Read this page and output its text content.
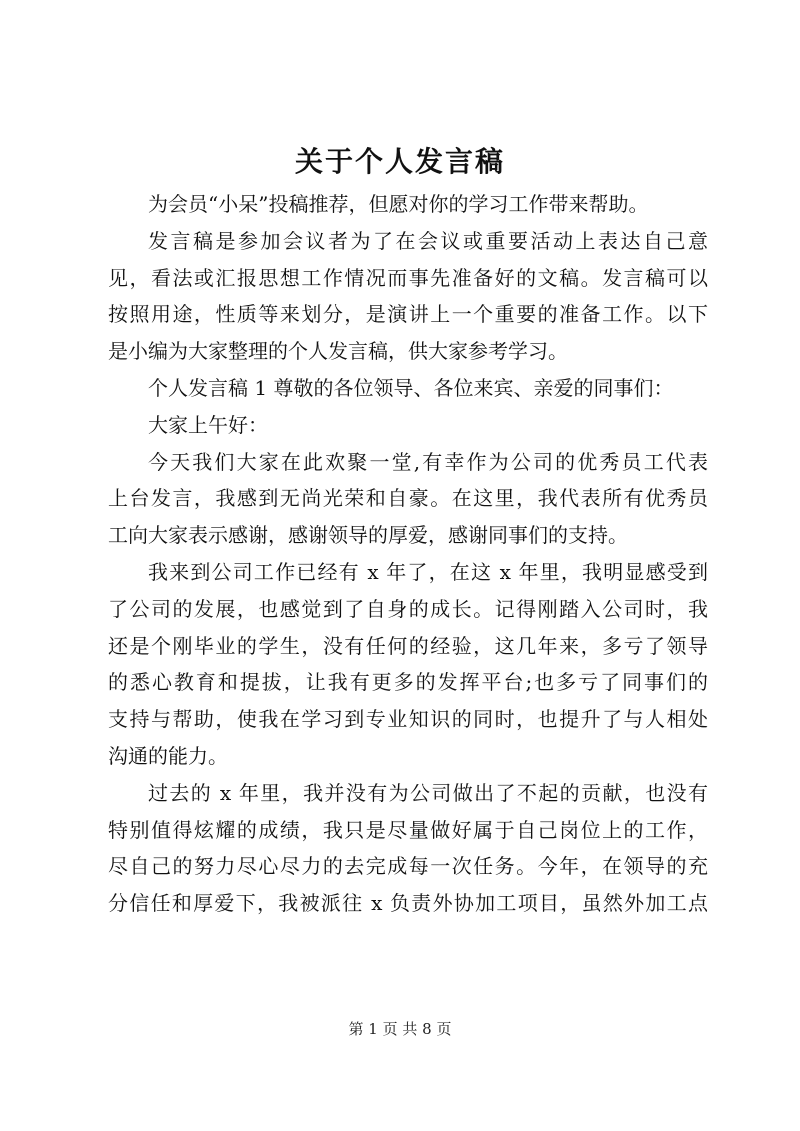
关于个人发言稿
为会员“小呆”投稿推荐，但愿对你的学习工作带来帮助。
发言稿是参加会议者为了在会议或重要活动上表达自己意
见，看法或汇报思想工作情况而事先准备好的文稿。发言稿可以
按照用途，性质等来划分，是演讲上一个重要的准备工作。以下
是小编为大家整理的个人发言稿，供大家参考学习。
个人发言稿 1 尊敬的各位领导、各位来宾、亲爱的同事们：
大家上午好：
今天我们大家在此欢聚一堂,有幸作为公司的优秀员工代表
上台发言，我感到无尚光荣和自豪。在这里，我代表所有优秀员
工向大家表示感谢，感谢领导的厚爱，感谢同事们的支持。
我来到公司工作已经有 x 年了，在这 x 年里，我明显感受到
了公司的发展，也感觉到了自身的成长。记得刚踏入公司时，我
还是个刚毕业的学生，没有任何的经验，这几年来，多亏了领导
的悉心教育和提拔，让我有更多的发挥平台;也多亏了同事们的
支持与帮助，使我在学习到专业知识的同时，也提升了与人相处
沟通的能力。
过去的 x 年里，我并没有为公司做出了不起的贡献，也没有
特别值得炫耀的成绩，我只是尽量做好属于自己岗位上的工作，
尽自己的努力尽心尽力的去完成每一次任务。今年，在领导的充
分信任和厚爱下，我被派往 x 负责外协加工项目，虽然外加工点
第 1 页 共 8 页
